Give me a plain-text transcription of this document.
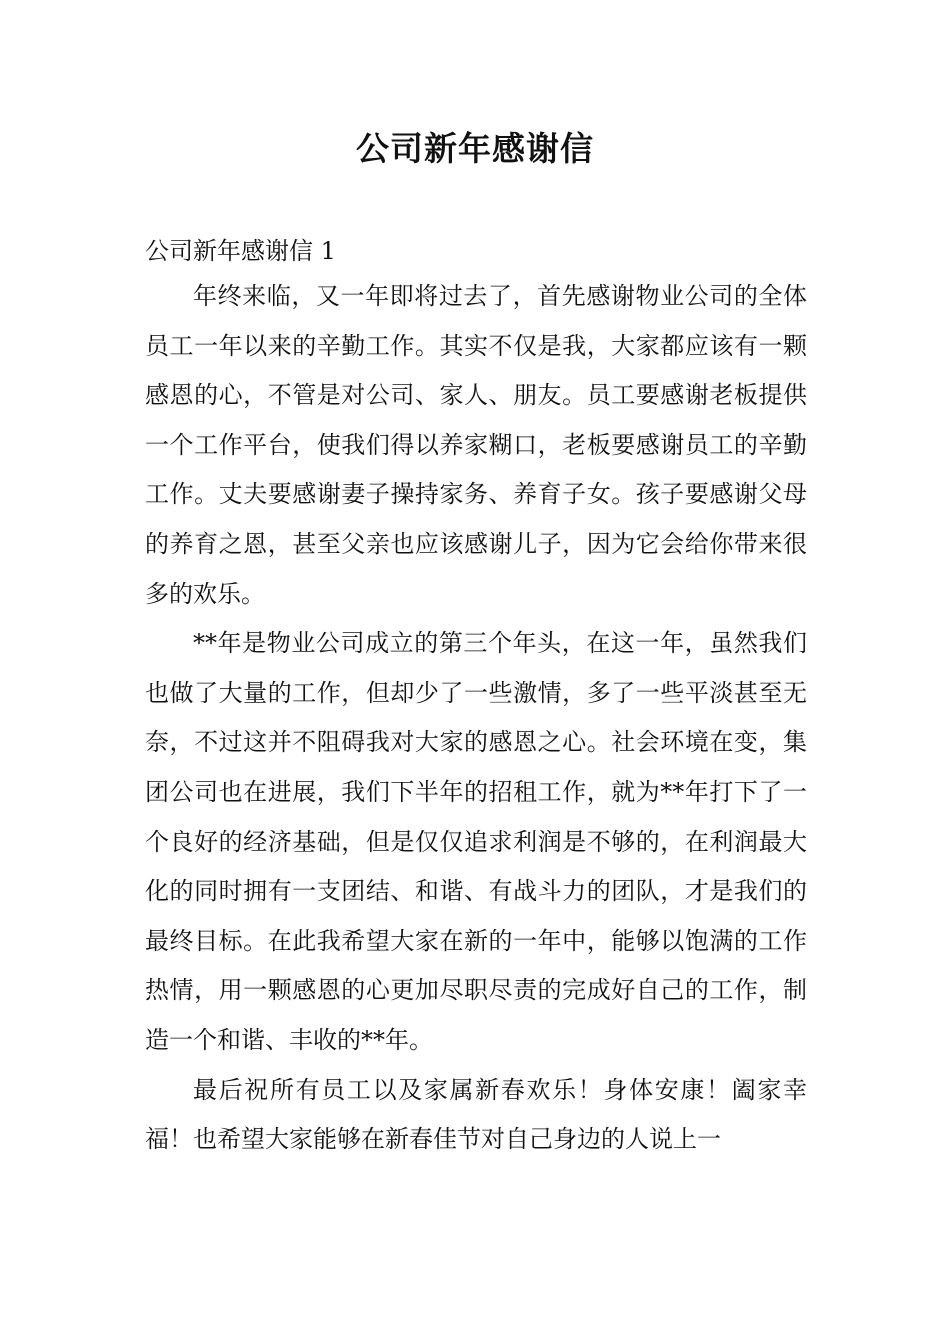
公司新年感谢信
公司新年感谢信 1

年终来临，又一年即将过去了，首先感谢物业公司的全体员工一年以来的辛勤工作。其实不仅是我，大家都应该有一颗感恩的心，不管是对公司、家人、朋友。员工要感谢老板提供一个工作平台，使我们得以养家糊口，老板要感谢员工的辛勤工作。丈夫要感谢妻子操持家务、养育子女。孩子要感谢父母的养育之恩，甚至父亲也应该感谢儿子，因为它会给你带来很多的欢乐。

**年是物业公司成立的第三个年头，在这一年，虽然我们也做了大量的工作，但却少了一些激情，多了一些平淡甚至无奈，不过这并不阻碍我对大家的感恩之心。社会环境在变，集团公司也在进展，我们下半年的招租工作，就为**年打下了一个良好的经济基础，但是仅仅追求利润是不够的，在利润最大化的同时拥有一支团结、和谐、有战斗力的团队，才是我们的最终目标。在此我希望大家在新的一年中，能够以饱满的工作热情，用一颗感恩的心更加尽职尽责的完成好自己的工作，制造一个和谐、丰收的**年。

最后祝所有员工以及家属新春欢乐！身体安康！阖家幸福！也希望大家能够在新春佳节对自己身边的人说上一
